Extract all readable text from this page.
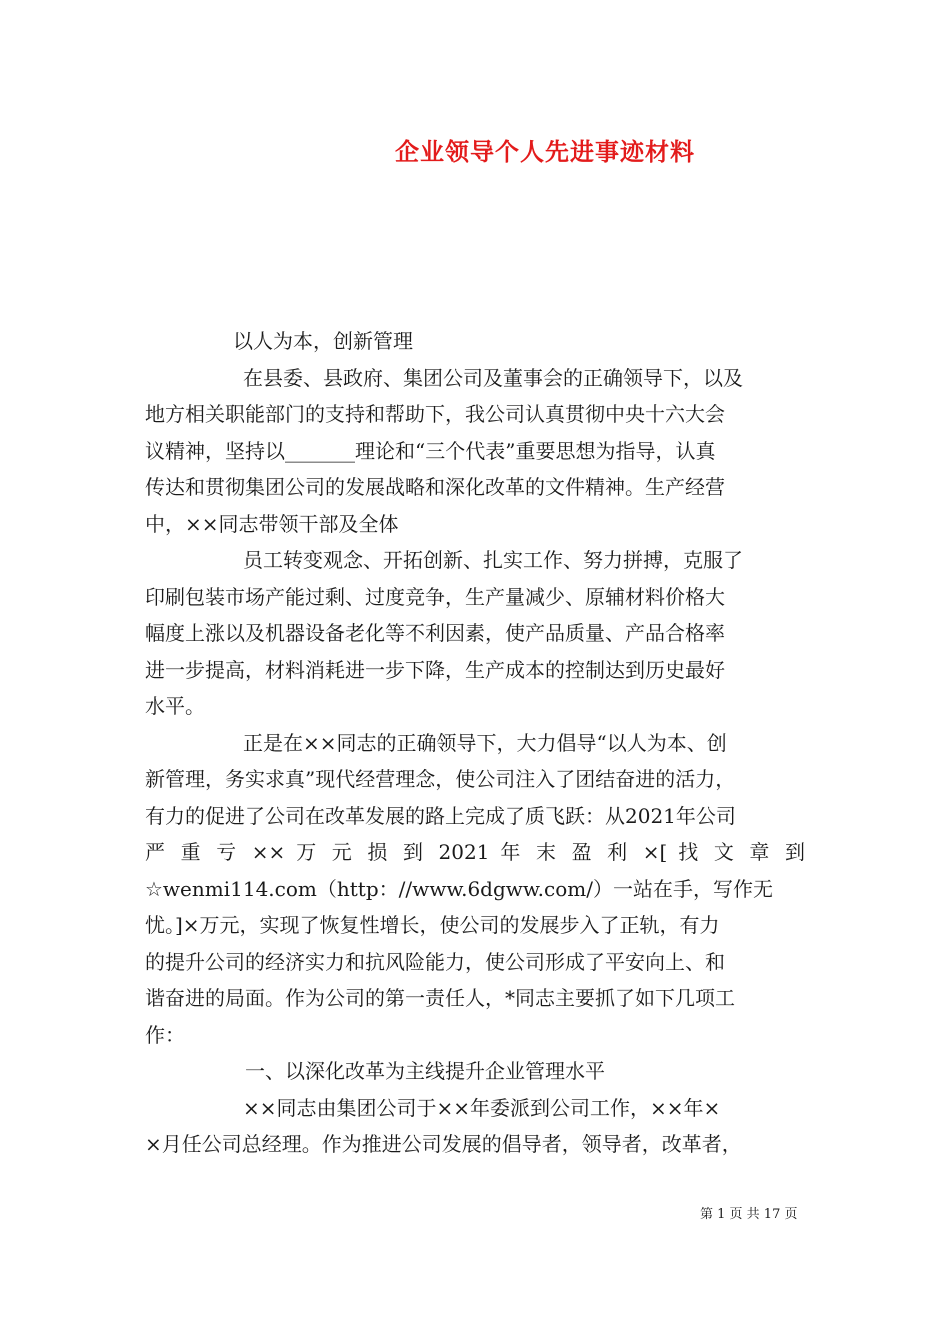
企业领导个人先进事迹材料
以人为本，创新管理
在县委、县政府、集团公司及董事会的正确领导下，以及
地方相关职能部门的支持和帮助下，我公司认真贯彻中央十六大会
议精神，坚持以_______理论和“三个代表”重要思想为指导，认真
传达和贯彻集团公司的发展战略和深化改革的文件精神。生产经营
中，××同志带领干部及全体
员工转变观念、开拓创新、扎实工作、努力拼搏，克服了
印刷包装市场产能过剩、过度竞争，生产量减少、原辅材料价格大
幅度上涨以及机器设备老化等不利因素，使产品质量、产品合格率
进一步提高，材料消耗进一步下降，生产成本的控制达到历史最好
水平。
正是在××同志的正确领导下，大力倡导“以人为本、创
新管理，务实求真”现代经营理念，使公司注入了团结奋进的活力，
有力的促进了公司在改革发展的路上完成了质飞跃：从2021年公司
严 重 亏 ×× 万 元 损 到 2021 年 末 盈 利 ×[ 找 文 章 到
☆wenmi114.com（http：//www.6dgww.com/）一站在手，写作无
忧。]×万元，实现了恢复性增长，使公司的发展步入了正轨，有力
的提升公司的经济实力和抗风险能力，使公司形成了平安向上、和
谐奋进的局面。作为公司的第一责任人，*同志主要抓了如下几项工
作：
一、以深化改革为主线提升企业管理水平
××同志由集团公司于××年委派到公司工作，××年×
×月任公司总经理。作为推进公司发展的倡导者，领导者，改革者，
第 1 页 共 17 页
